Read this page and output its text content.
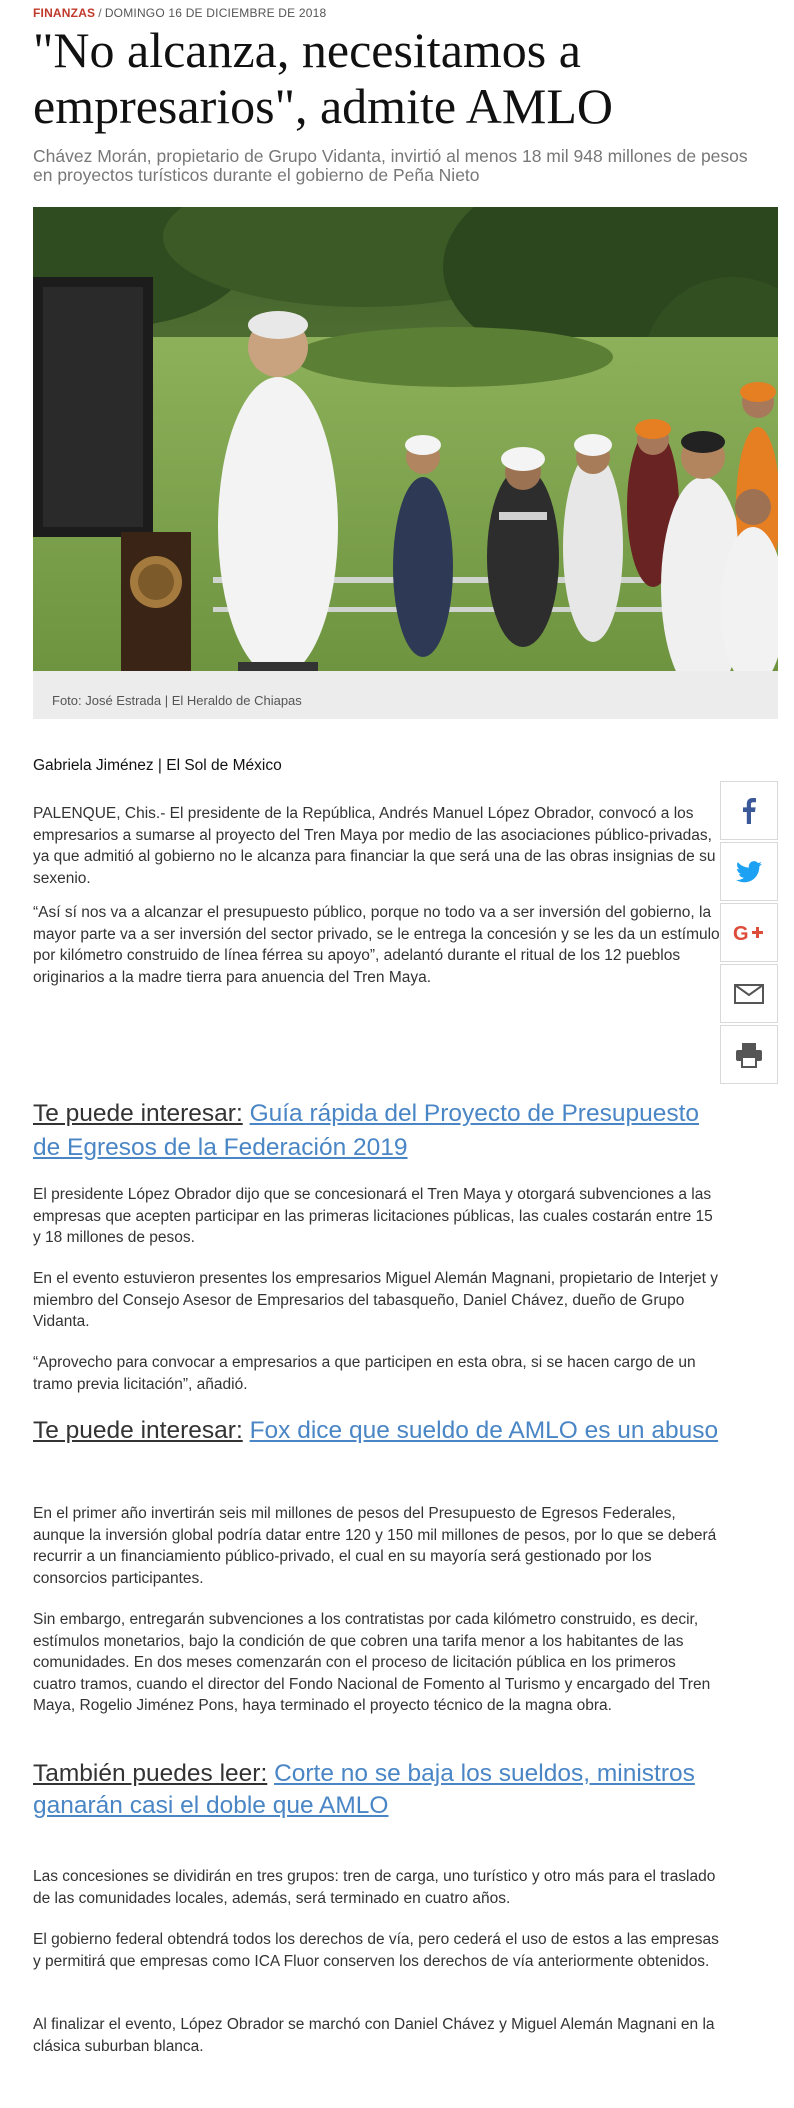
FINANZAS / DOMINGO 16 DE DICIEMBRE DE 2018
"No alcanza, necesitamos a empresarios", admite AMLO

Chávez Morán, propietario de Grupo Vidanta, invirtió al menos 18 mil 948 millones de pesos en proyectos turísticos durante el gobierno de Peña Nieto

Foto: José Estrada | El Heraldo de Chiapas
Gabriela Jiménez | El Sol de México
G

PALENQUE, Chis.- El presidente de la República, Andrés Manuel López Obrador, convocó a los empresarios a sumarse al proyecto del Tren Maya por medio de las asociaciones público-privadas, ya que admitió al gobierno no le alcanza para financiar la que será una de las obras insignias de su sexenio.

“Así sí nos va a alcanzar el presupuesto público, porque no todo va a ser inversión del gobierno, la mayor parte va a ser inversión del sector privado, se le entrega la concesión y se les da un estímulo por kilómetro construido de línea férrea su apoyo”, adelantó durante el ritual de los 12 pueblos originarios a la madre tierra para anuencia del Tren Maya.

Te puede interesar: Guía rápida del Proyecto de Presupuesto de Egresos de la Federación 2019

El presidente López Obrador dijo que se concesionará el Tren Maya y otorgará subvenciones a las empresas que acepten participar en las primeras licitaciones públicas, las cuales costarán entre 15 y 18 millones de pesos.

En el evento estuvieron presentes los empresarios Miguel Alemán Magnani, propietario de Interjet y miembro del Consejo Asesor de Empresarios del tabasqueño, Daniel Chávez, dueño de Grupo Vidanta.

“Aprovecho para convocar a empresarios a que participen en esta obra, si se hacen cargo de un tramo previa licitación”, añadió.

Te puede interesar: Fox dice que sueldo de AMLO es un abuso

En el primer año invertirán seis mil millones de pesos del Presupuesto de Egresos Federales, aunque la inversión global podría datar entre 120 y 150 mil millones de pesos, por lo que se deberá recurrir a un financiamiento público-privado, el cual en su mayoría será gestionado por los consorcios participantes.

Sin embargo, entregarán subvenciones a los contratistas por cada kilómetro construido, es decir, estímulos monetarios, bajo la condición de que cobren una tarifa menor a los habitantes de las comunidades. En dos meses comenzarán con el proceso de licitación pública en los primeros cuatro tramos, cuando el director del Fondo Nacional de Fomento al Turismo y encargado del Tren Maya, Rogelio Jiménez Pons, haya terminado el proyecto técnico de la magna obra.

También puedes leer: Corte no se baja los sueldos, ministros ganarán casi el doble que AMLO

Las concesiones se dividirán en tres grupos: tren de carga, uno turístico y otro más para el traslado de las comunidades locales, además, será terminado en cuatro años.

El gobierno federal obtendrá todos los derechos de vía, pero cederá el uso de estos a las empresas y permitirá que empresas como ICA Fluor conserven los derechos de vía anteriormente obtenidos.

Al finalizar el evento, López Obrador se marchó con Daniel Chávez y Miguel Alemán Magnani en la clásica suburban blanca.
